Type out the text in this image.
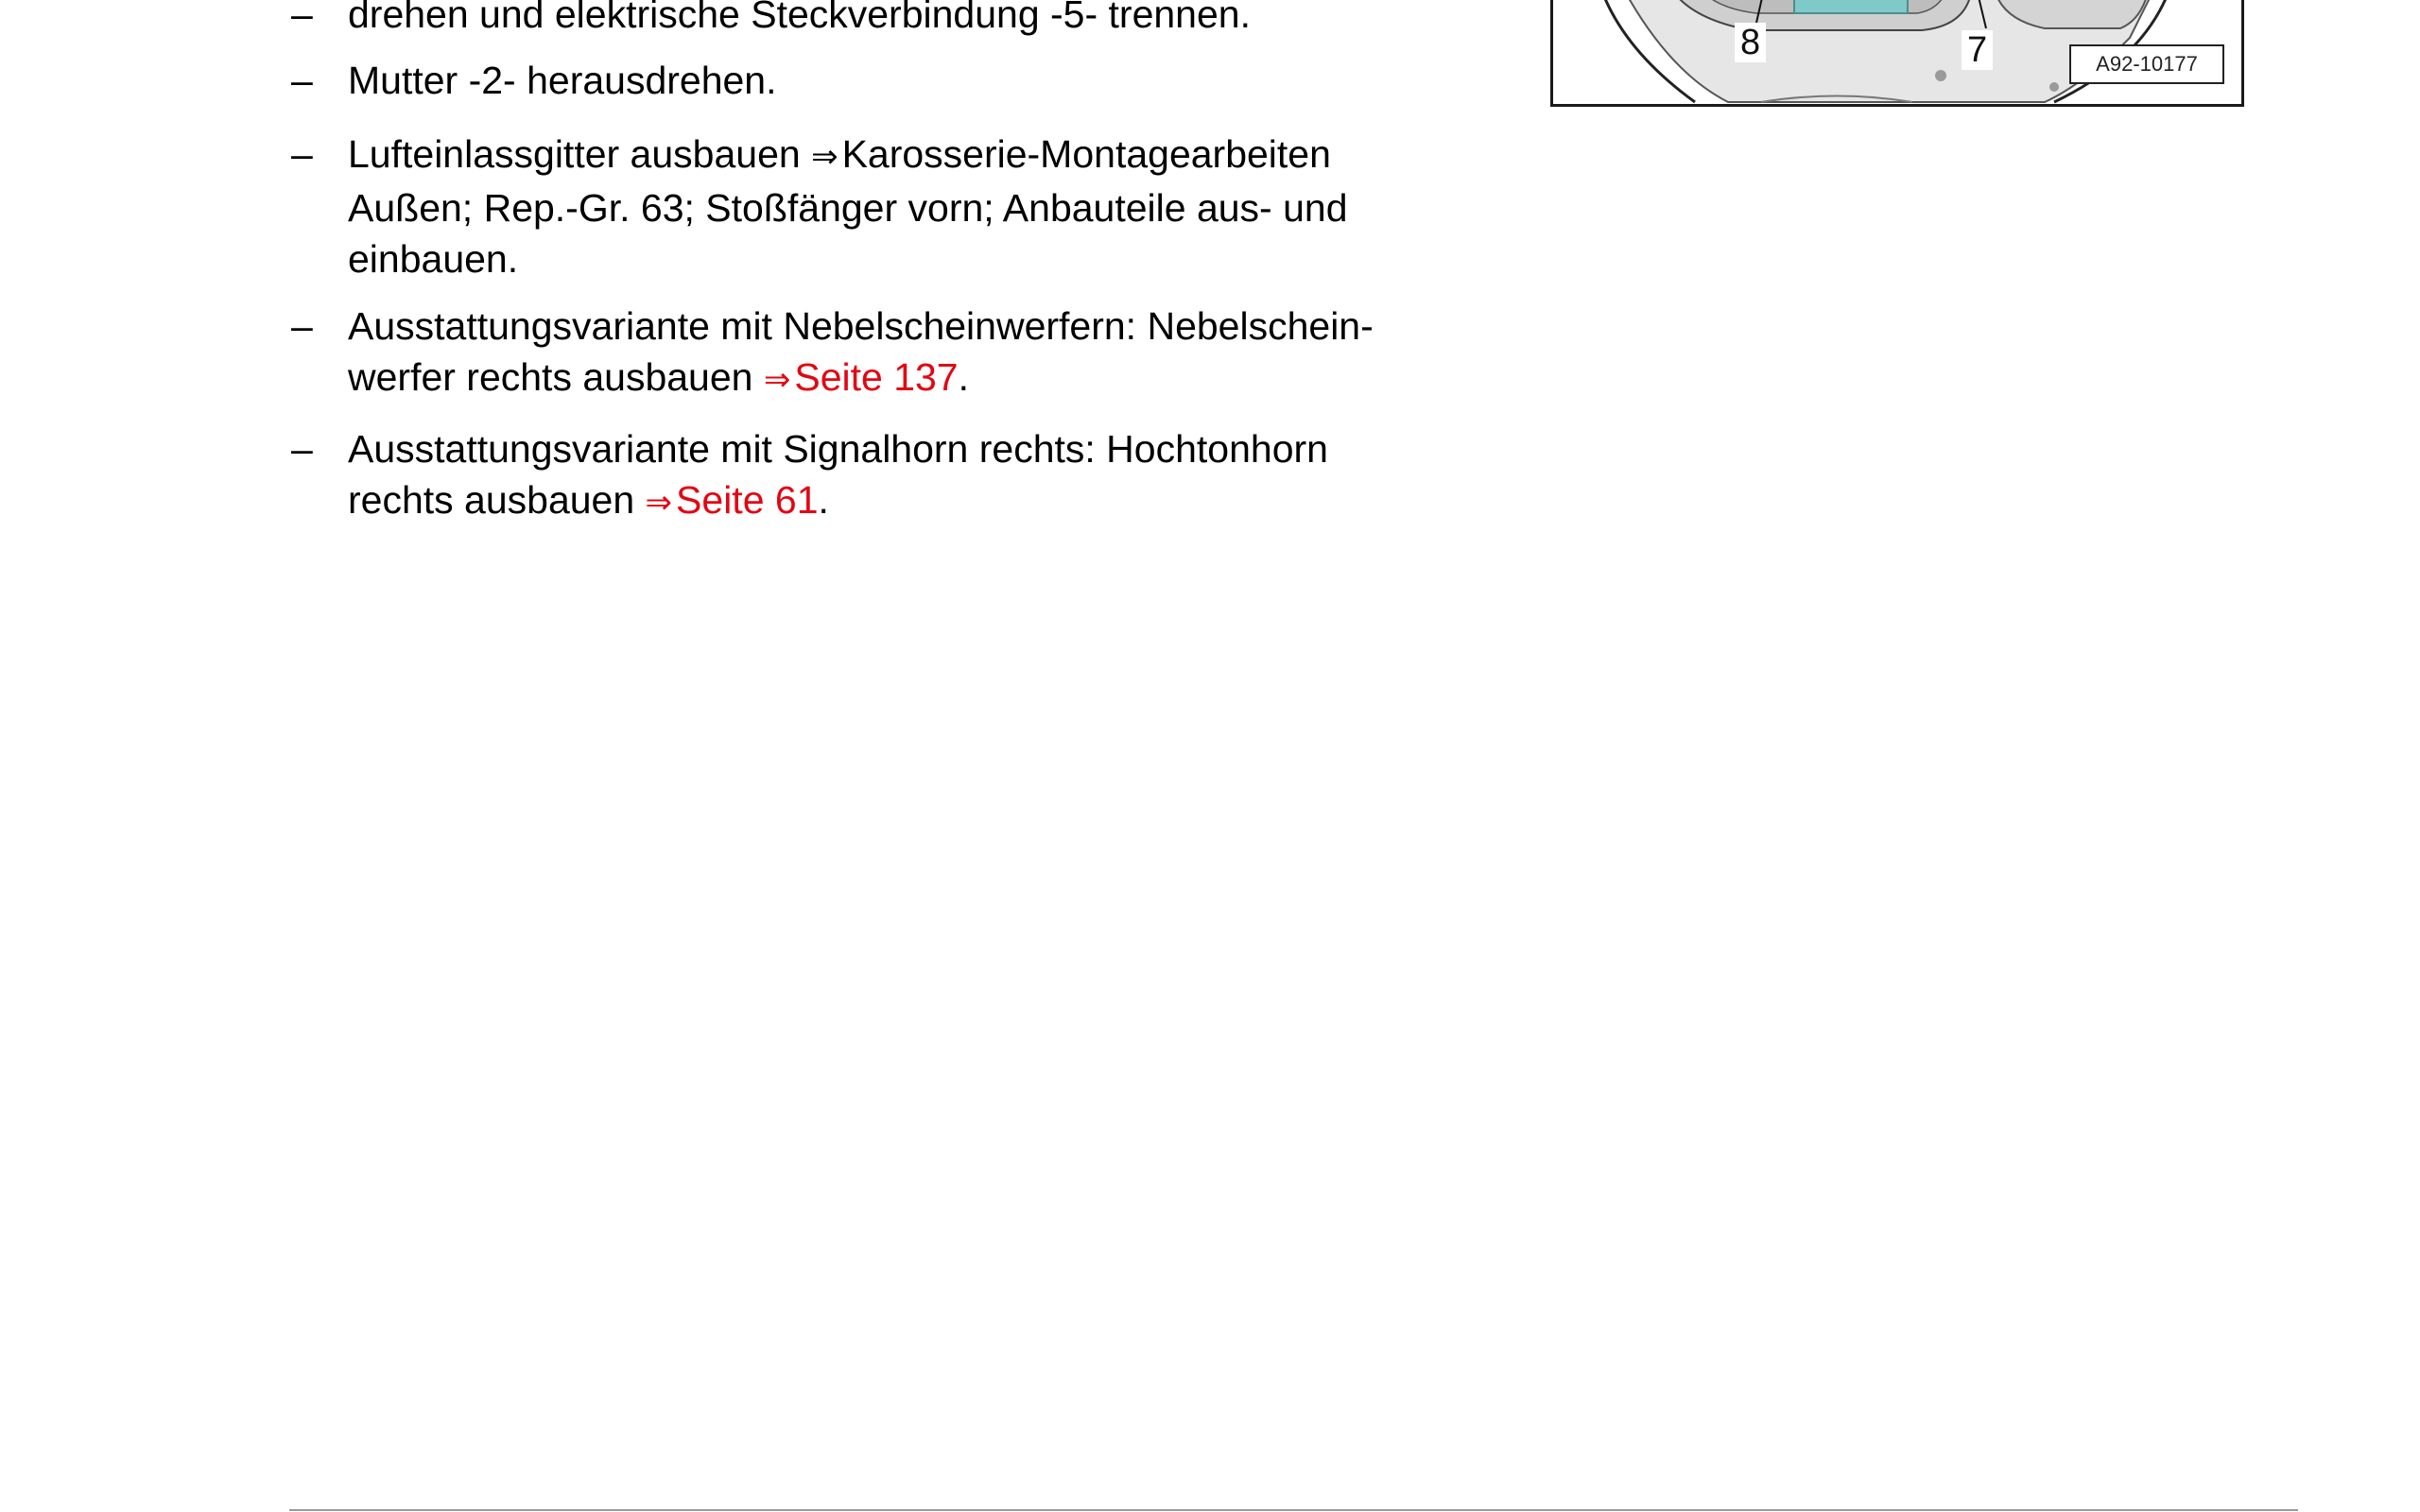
– drehen und elektrische Steckverbindung -5- trennen.
– Mutter -2- herausdrehen.
– Lufteinlassgitter ausbauen ⇒Karosserie-Montagearbeiten
Außen; Rep.-Gr. 63; Stoßfänger vorn; Anbauteile aus- und
einbauen.
– Ausstattungsvariante mit Nebelscheinwerfern: Nebelschein-
werfer rechts ausbauen ⇒Seite 137.
– Ausstattungsvariante mit Signalhorn rechts: Hochtonhorn
rechts ausbauen ⇒Seite 61.
8	7	A92-10177
